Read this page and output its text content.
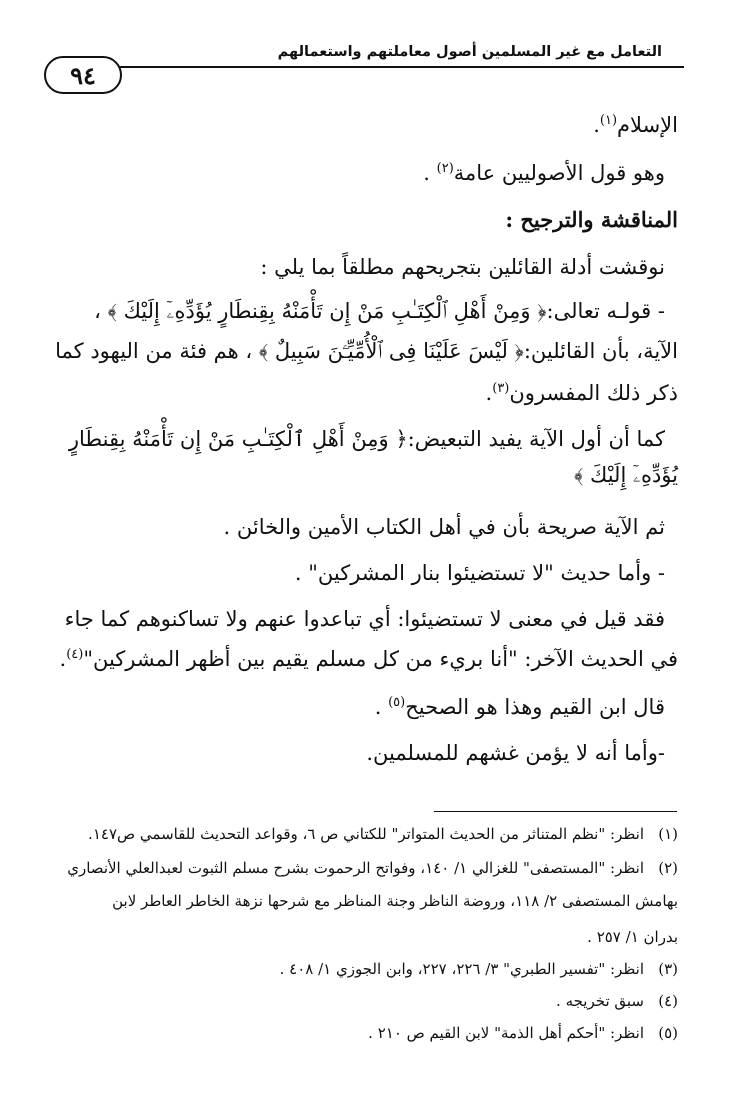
التعامل مع غير المسلمين أصول معاملتهم واستعمالهم
٩٤
الإسلام$^{(١)}$.
وهو قول الأصوليين عامة$^{(٢)}$ .
المناقشة والترجيح :
نوقشت أدلة القائلين بتجريحهم مطلقاً بما يلي :
- قولـه تعالى:﴿ وَمِنْ أَهْلِ ٱلْكِتَـٰبِ مَنْ إِن تَأْمَنْهُ بِقِنطَارٍ يُؤَدِّهِۦٓ إِلَيْكَ ﴾ ،
الآية، بأن القائلين:﴿ لَيْسَ عَلَيْنَا فِى ٱلْأُمِّيِّـۧنَ سَبِيلٌ ﴾ ، هم فئة من اليهود كما
ذكر ذلك المفسرون$^{(٣)}$.
كما أن أول الآية يفيد التبعيض:﴿ وَمِنْ أَهْلِ ٱلْكِتَـٰبِ مَنْ إِن تَأْمَنْهُ بِقِنطَارٍ
يُؤَدِّهِۦٓ إِلَيْكَ ﴾
ثم الآية صريحة بأن في أهل الكتاب الأمين والخائن .
- وأما حديث "لا تستضيئوا بنار المشركين" .
فقد قيل في معنى لا تستضيئوا: أي تباعدوا عنهم ولا تساكنوهم كما جاء
في الحديث الآخر: "أنا بريء من كل مسلم يقيم بين أظهر المشركين"$^{(٤)}$.
قال ابن القيم وهذا هو الصحيح$^{(٥)}$ .
-وأما أنه لا يؤمن غشهم للمسلمين.
(١)انظر: "نظم المتناثر من الحديث المتواتر" للكتاني ص ٦، وقواعد التحديث للقاسمي ص١٤٧.
(٢)انظر: "المستصفى" للغزالي ١/ ١٤٠، وفواتح الرحموت بشرح مسلم الثبوت لعبدالعلي الأنصاري
بهامش المستصفى ٢/ ١١٨، وروضة الناظر وجنة المناظر مع شرحها نزهة الخاطر العاطر لابن
بدران ١/ ٢٥٧ .
(٣)انظر: "تفسير الطبري" ٣/ ٢٢٦، ٢٢٧، وابن الجوزي ١/ ٤٠٨ .
(٤)سبق تخريجه .
(٥)انظر: "أحكم أهل الذمة" لابن القيم ص ٢١٠ .
